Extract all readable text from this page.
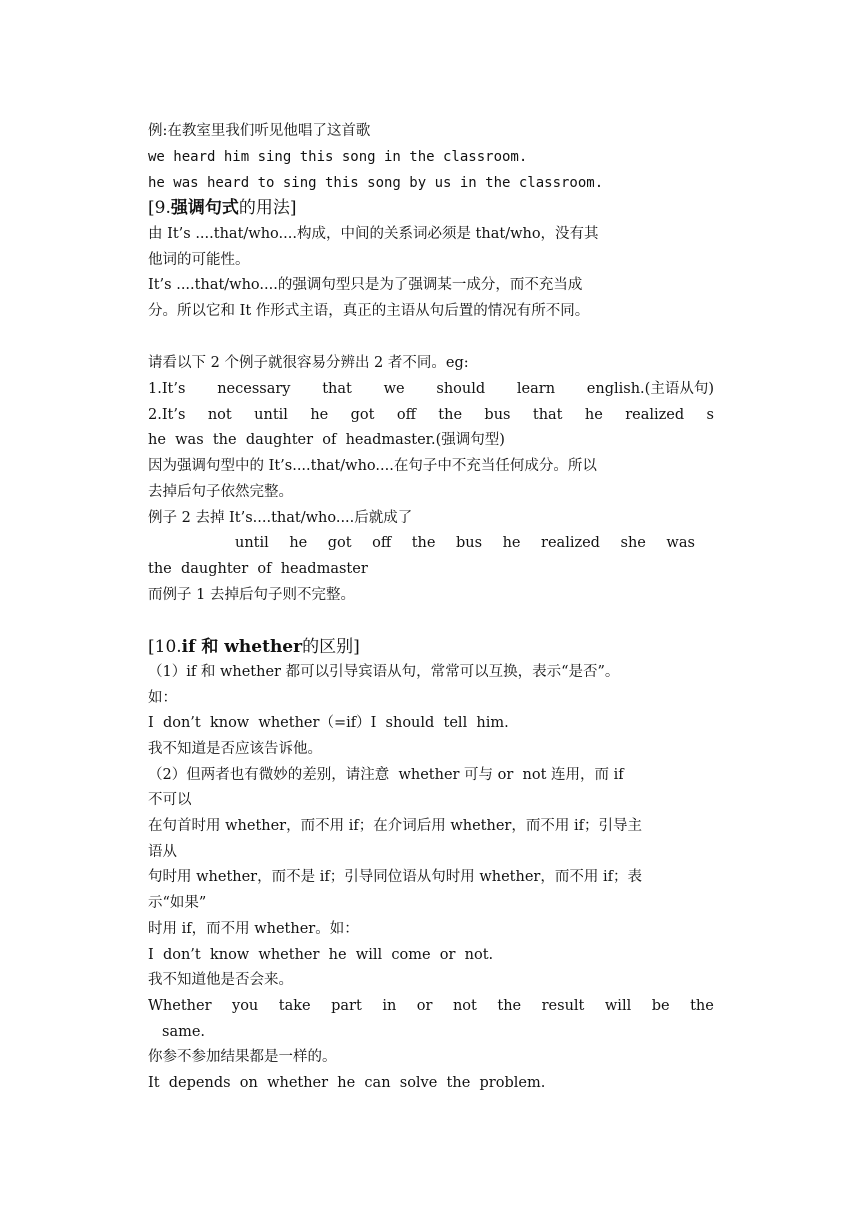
例:在教室里我们听见他唱了这首歌
we heard him sing this song in the classroom.
he was heard to sing this song by us in the classroom.
[9.强调句式的用法]
由 It’s ....that/who....构成，中间的关系词必须是 that/who，没有其
他词的可能性。
It’s ....that/who....的强调句型只是为了强调某一成分，而不充当成
分。所以它和 It 作形式主语，真正的主语从句后置的情况有所不同。
请看以下 2 个例子就很容易分辨出 2 者不同。eg:
1.It’s necessary that we should learn english.(主语从句)
2.It’s not until he got off the bus that he realized s
he  was  the  daughter  of  headmaster.(强调句型)
因为强调句型中的 It’s....that/who....在句子中不充当任何成分。所以
去掉后句子依然完整。
例子 2 去掉 It’s....that/who....后就成了
until he got off the bus he realized she was
the  daughter  of  headmaster
而例子 1 去掉后句子则不完整。
[10.if 和 whether的区别]
（1）if 和 whether 都可以引导宾语从句，常常可以互换，表示“是否”。
如：
I  don’t  know  whether（=if）I  should  tell  him.
我不知道是否应该告诉他。
（2）但两者也有微妙的差别，请注意  whether 可与 or  not 连用，而 if
不可以
在句首时用 whether，而不用 if；在介词后用 whether，而不用 if；引导主
语从
句时用 whether，而不是 if；引导同位语从句时用 whether，而不用 if；表
示“如果”
时用 if，而不用 whether。如：
I  don’t  know  whether  he  will  come  or  not.
我不知道他是否会来。
Whether you take part in or not the result will be the
same.
你参不参加结果都是一样的。
It  depends  on  whether  he  can  solve  the  problem.
